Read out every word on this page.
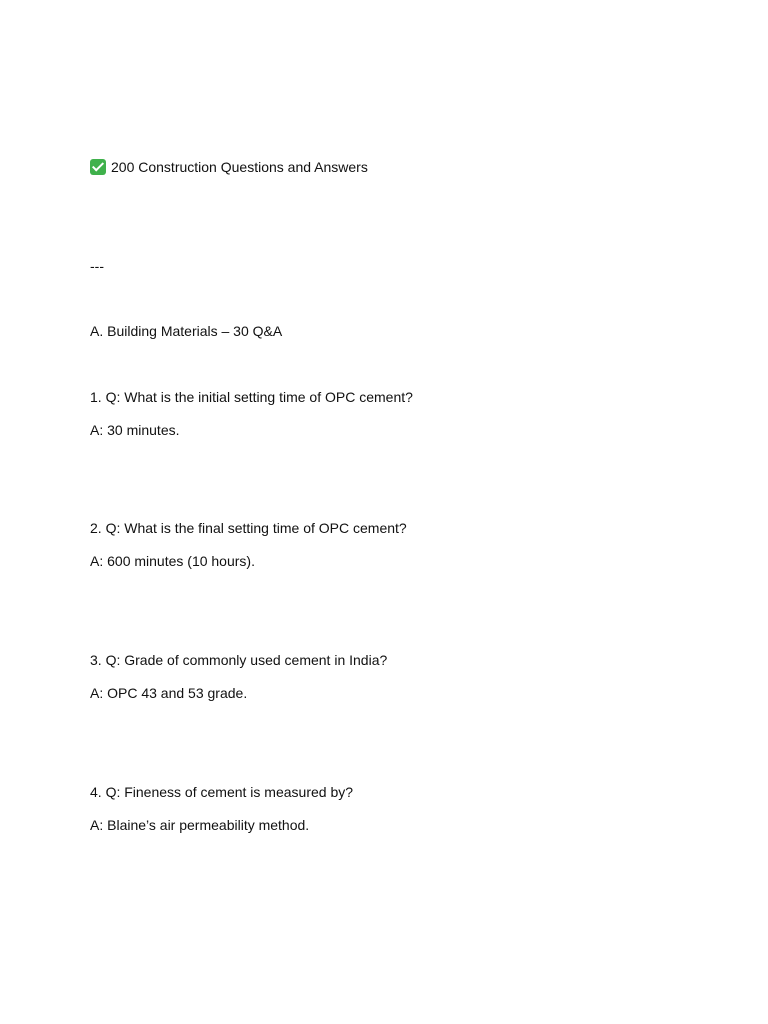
200 Construction Questions and Answers
---
A. Building Materials – 30 Q&A
1. Q: What is the initial setting time of OPC cement?
A: 30 minutes.
2. Q: What is the final setting time of OPC cement?
A: 600 minutes (10 hours).
3. Q: Grade of commonly used cement in India?
A: OPC 43 and 53 grade.
4. Q: Fineness of cement is measured by?
A: Blaine’s air permeability method.
